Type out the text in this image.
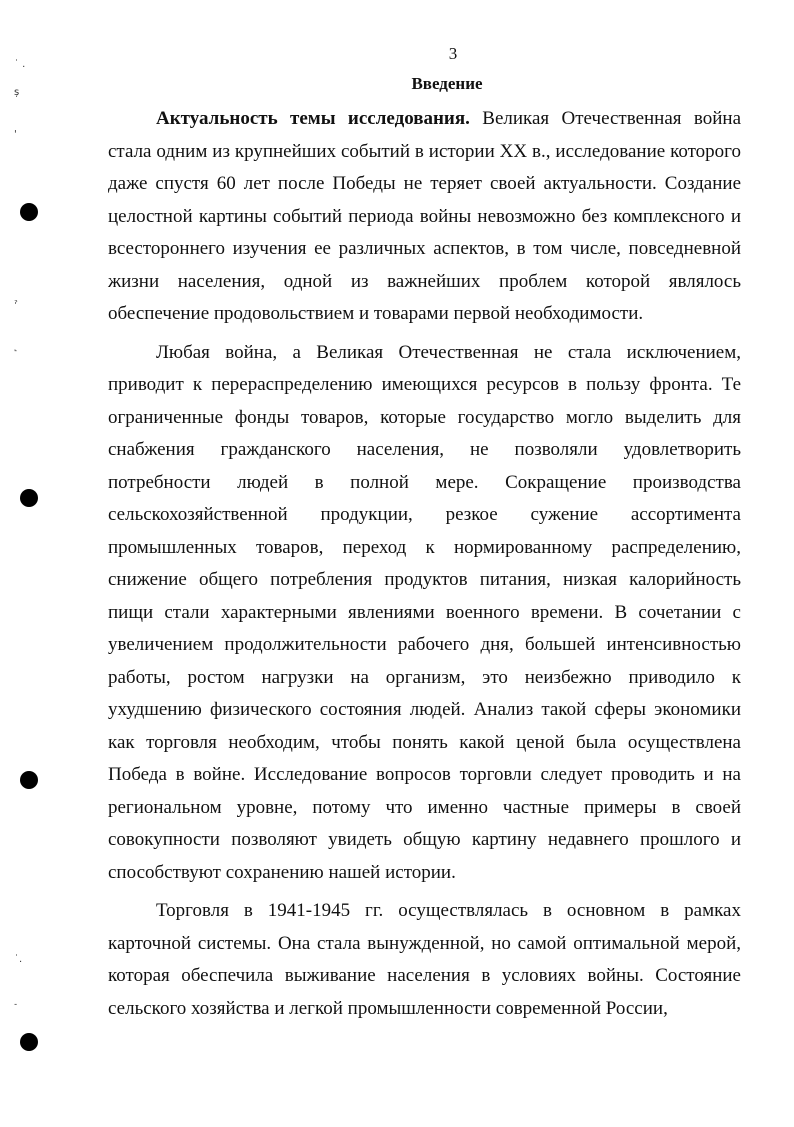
˙ .
ș
'
ˀ
˻
˙.
˗
3
Введение

Актуальность темы исследования. Великая Отечественная война стала одним из крупнейших событий в истории XX в., исследование которого даже спустя 60 лет после Победы не теряет своей актуальности. Создание целостной картины событий периода войны невозможно без комплексного и всестороннего изучения ее различных аспектов, в том числе, повседневной жизни населения, одной из важнейших проблем которой являлось обеспечение продовольствием и товарами первой необходимости.

Любая война, а Великая Отечественная не стала исключением, приводит к перераспределению имеющихся ресурсов в пользу фронта. Те ограниченные фонды товаров, которые государство могло выделить для снабжения гражданского населения, не позволяли удовлетворить потребности людей в полной мере. Сокращение производства сельскохозяйственной продукции, резкое сужение ассортимента промышленных товаров, переход к нормированному распределению, снижение общего потребления продуктов питания, низкая калорийность пищи стали характерными явлениями военного времени. В сочетании с увеличением продолжительности рабочего дня, большей интенсивностью работы, ростом нагрузки на организм, это неизбежно приводило к ухудшению физического состояния людей. Анализ такой сферы экономики как торговля необходим, чтобы понять какой ценой была осуществлена Победа в войне. Исследование вопросов торговли следует проводить и на региональном уровне, потому что именно частные примеры в своей совокупности позволяют увидеть общую картину недавнего прошлого и способствуют сохранению нашей истории.

Торговля в 1941-1945 гг. осуществлялась в основном в рамках карточной системы. Она стала вынужденной, но самой оптимальной мерой, которая обеспечила выживание населения в условиях войны. Состояние сельского хозяйства и легкой промышленности современной России,
